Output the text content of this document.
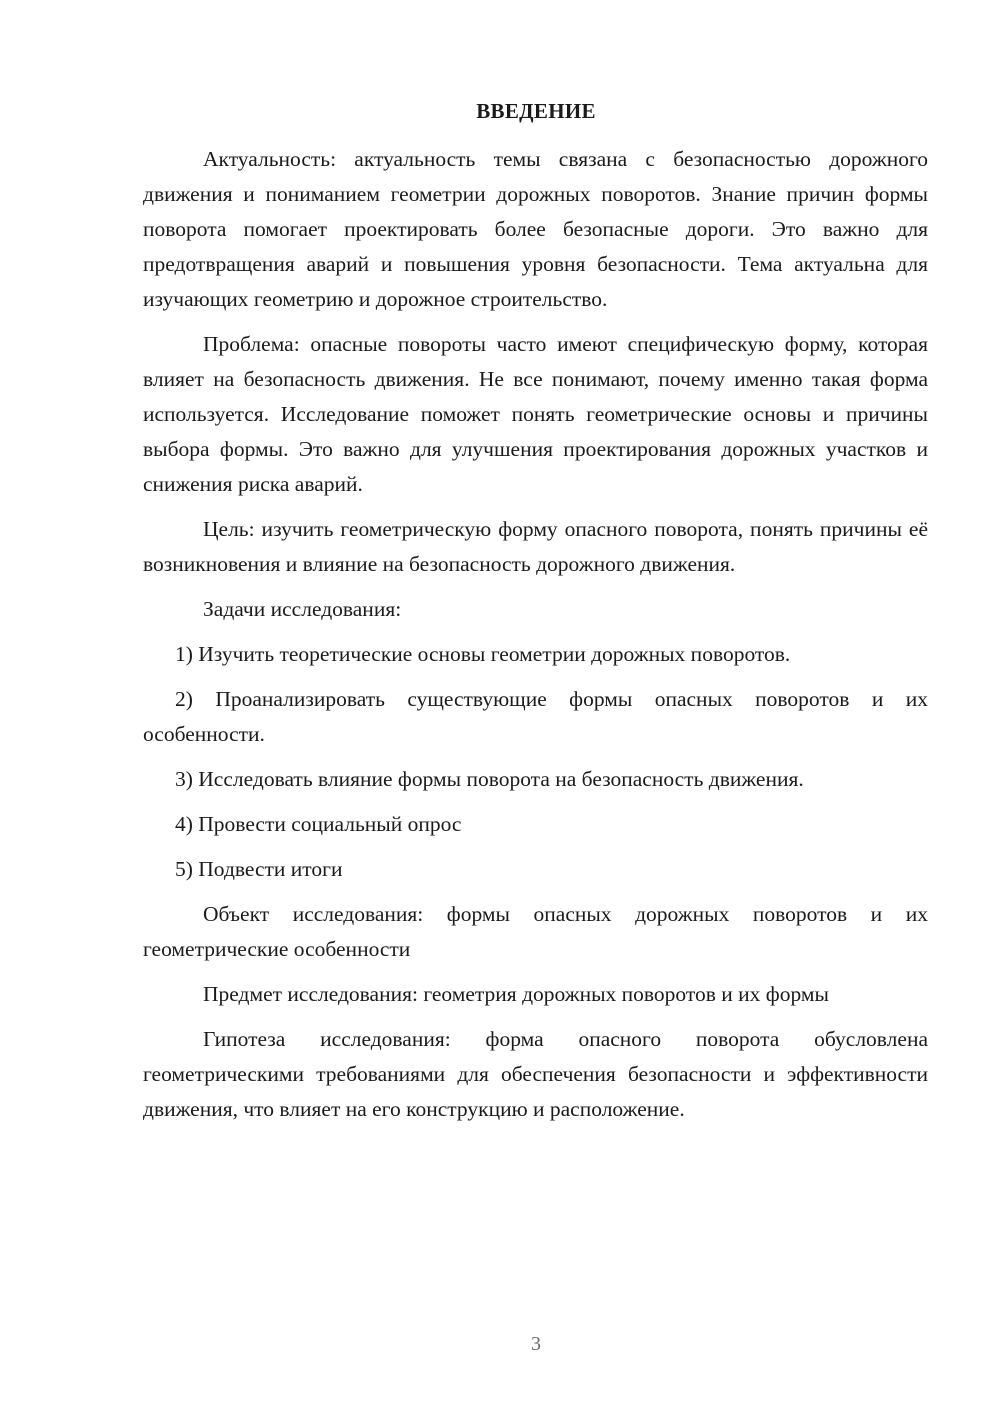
ВВЕДЕНИЕ

Актуальность: актуальность темы связана с безопасностью дорожного движения и пониманием геометрии дорожных поворотов. Знание причин формы поворота помогает проектировать более безопасные дороги. Это важно для предотвращения аварий и повышения уровня безопасности. Тема актуальна для изучающих геометрию и дорожное строительство.

Проблема: опасные повороты часто имеют специфическую форму, которая влияет на безопасность движения. Не все понимают, почему именно такая форма используется. Исследование поможет понять геометрические основы и причины выбора формы. Это важно для улучшения проектирования дорожных участков и снижения риска аварий.

Цель: изучить геометрическую форму опасного поворота, понять причины её возникновения и влияние на безопасность дорожного движения.

Задачи исследования:

1) Изучить теоретические основы геометрии дорожных поворотов.

2) Проанализировать существующие формы опасных поворотов и их особенности.

3) Исследовать влияние формы поворота на безопасность движения.

4) Провести социальный опрос

5) Подвести итоги

Объект исследования: формы опасных дорожных поворотов и их геометрические особенности

Предмет исследования: геометрия дорожных поворотов и их формы

Гипотеза исследования: форма опасного поворота обусловлена геометрическими требованиями для обеспечения безопасности и эффективности движения, что влияет на его конструкцию и расположение.

3
